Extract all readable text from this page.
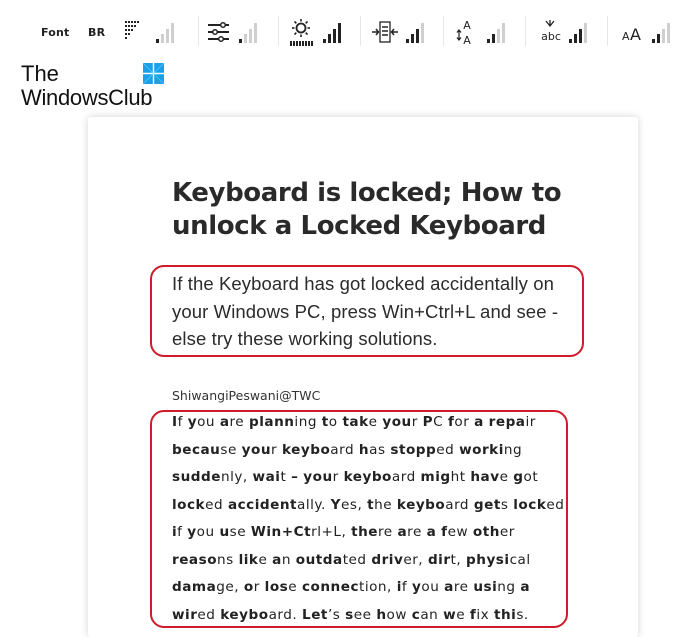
Font BR
A
A	abc	A A
The
WindowsClub
Keyboard is locked; How to unlock a Locked Keyboard

If the Keyboard has got locked accidentally on your Windows PC, press Win+Ctrl+L and see - else try these working solutions.

ShiwangiPeswani@TWC

If you are planning to take your PC for a repair because your keyboard has stopped working suddenly, wait – your keyboard might have got locked accidentally. Yes, the keyboard gets locked if you use Win+Ctrl+L, there are a few other reasons like an outdated driver, dirt, physical damage, or lose connection, if you are using a wired keyboard. Let’s see how can we fix this.
